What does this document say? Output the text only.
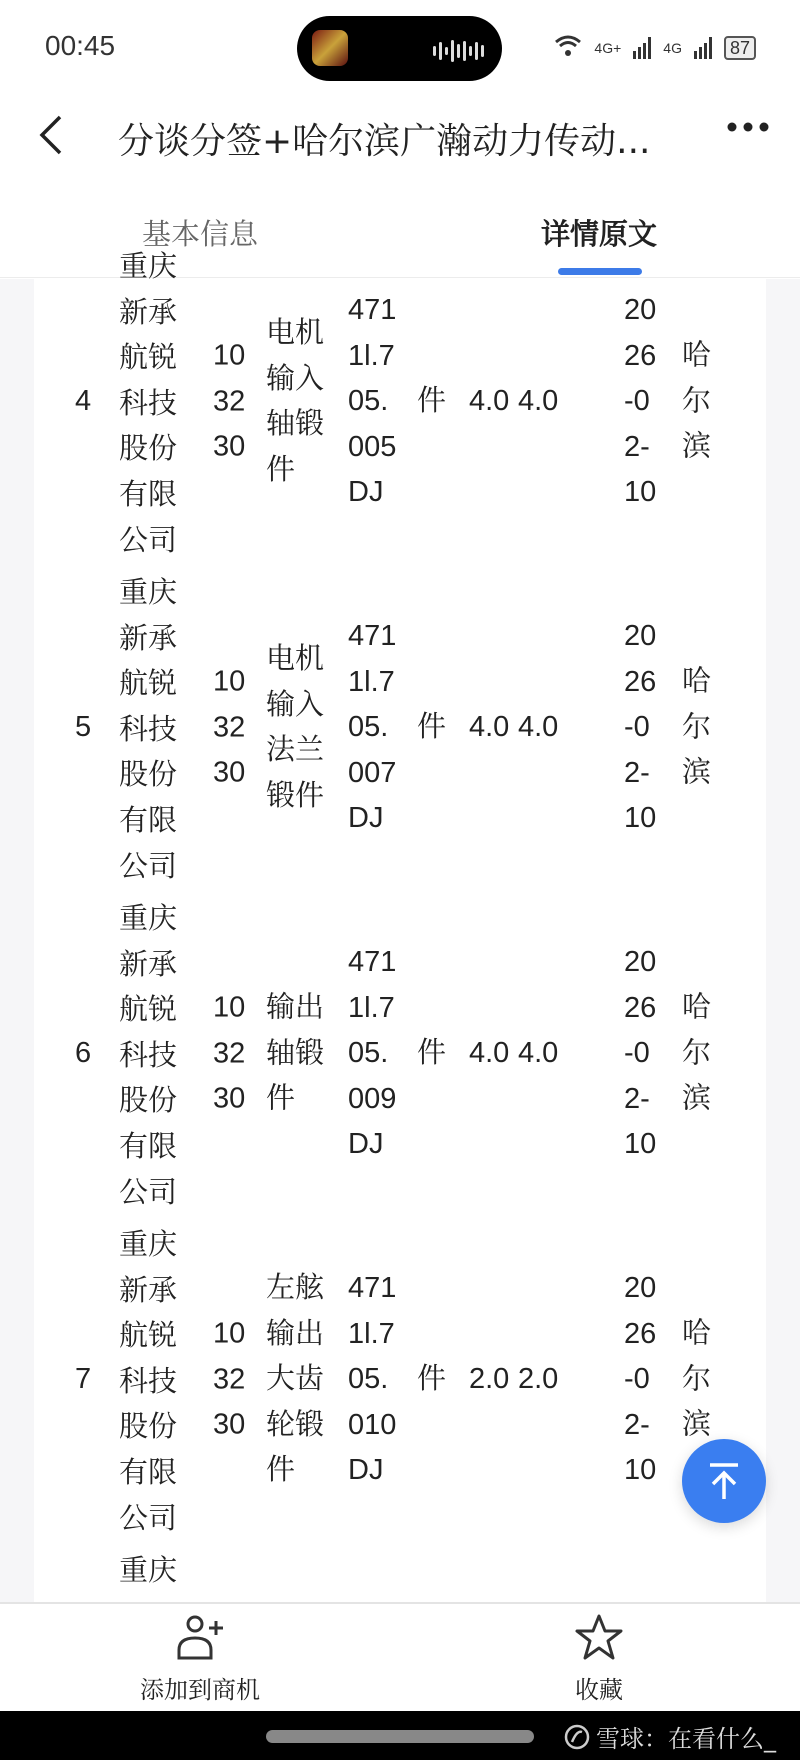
00:45	4G+	4G	87
分谈分签+哈尔滨广瀚动力传动...
基本信息	详情原文
4
重庆新承航锐科技股份有限公司
103230
电机输入轴锻件
4711l.705.005DJ
件 4.0 4.0
2026-02-10
哈尔滨
5
重庆新承航锐科技股份有限公司
103230
电机输入法兰锻件
4711l.705.007DJ
件 4.0 4.0
2026-02-10
哈尔滨
6
重庆新承航锐科技股份有限公司
103230
输出轴锻件
4711l.705.009DJ
件 4.0 4.0
2026-02-10
哈尔滨
7
重庆新承航锐科技股份有限公司
103230
左舷输出大齿轮锻件
4711l.705.010DJ
件 2.0 2.0
2026-02-10
哈尔滨
重庆
添加到商机	收藏
雪球：在看什么_
